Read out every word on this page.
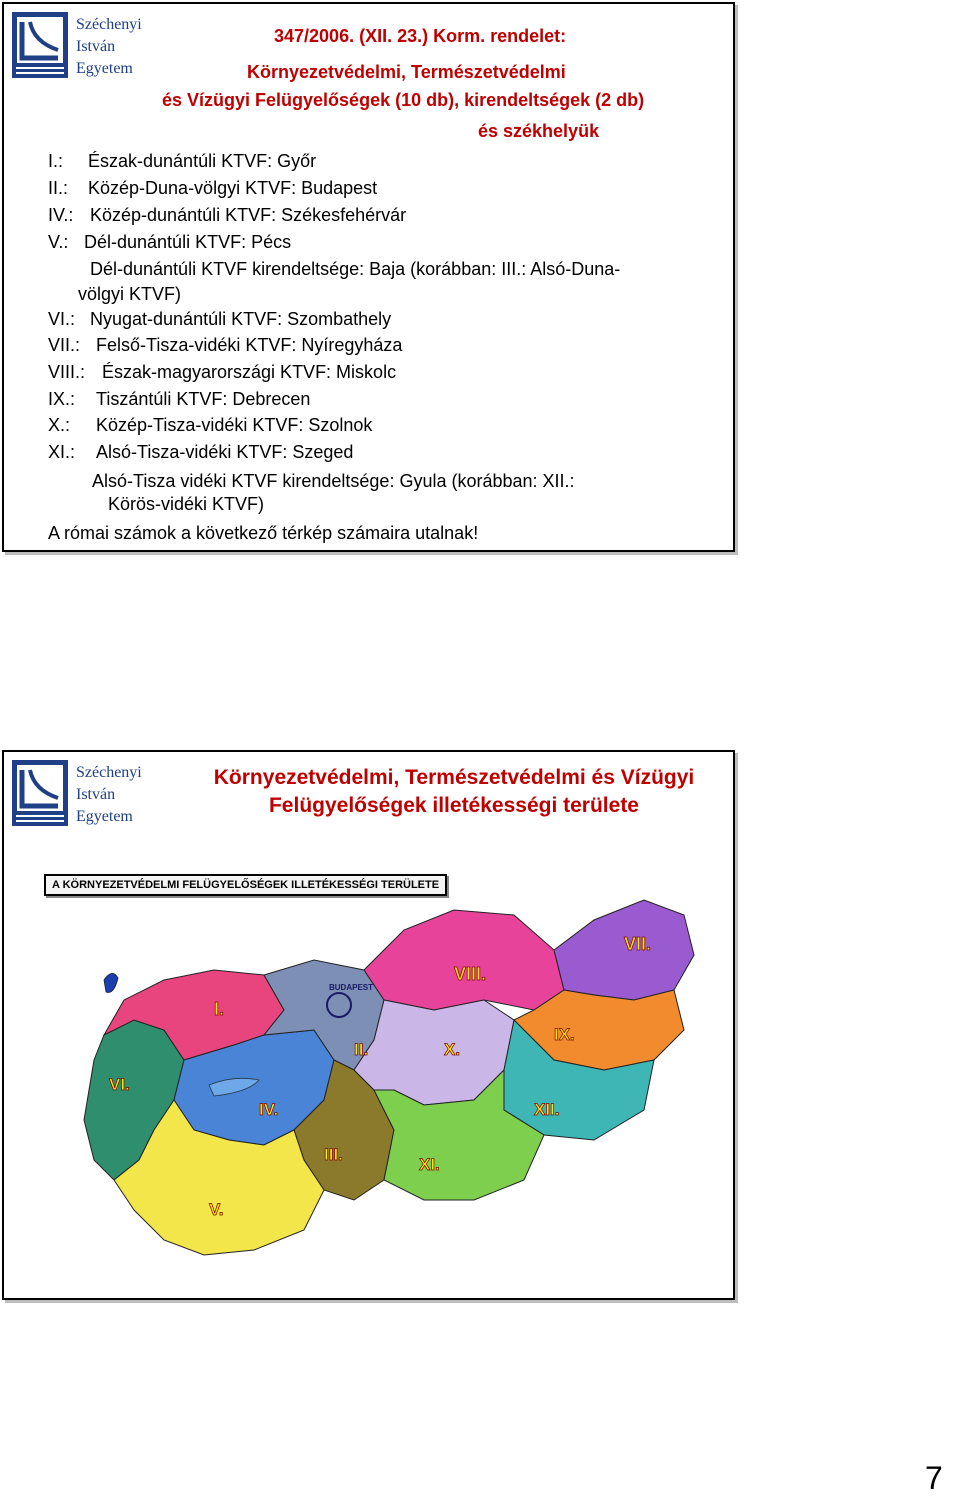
Széchenyi
István
Egyetem
347/2006. (XII. 23.) Korm. rendelet:
Környezetvédelmi, Természetvédelmi
és Vízügyi Felügyelőségek (10 db), kirendeltségek (2 db)
és székhelyük
I.: Észak-dunántúli KTVF: Győr
II.: Közép-Duna-völgyi KTVF: Budapest
IV.: Közép-dunántúli KTVF: Székesfehérvár
V.: Dél-dunántúli KTVF: Pécs
Dél-dunántúli KTVF kirendeltsége: Baja (korábban: III.: Alsó-Duna-
völgyi KTVF)
VI.: Nyugat-dunántúli KTVF: Szombathely
VII.: Felső-Tisza-vidéki KTVF: Nyíregyháza
VIII.: Észak-magyarországi KTVF: Miskolc
IX.: Tiszántúli KTVF: Debrecen
X.: Közép-Tisza-vidéki KTVF: Szolnok
XI.: Alsó-Tisza-vidéki KTVF: Szeged
Alsó-Tisza vidéki KTVF kirendeltsége: Gyula (korábban: XII.:
Körös-vidéki KTVF)
A római számok a következő térkép számaira utalnak!
Széchenyi
István
Egyetem
Környezetvédelmi, Természetvédelmi és Vízügyi Felügyelőségek illetékességi területe
I.
II.
III.
IV.
V.
VI.
VII.
VIII.
IX.
X.
XI.
XII.
BUDAPEST
A KÖRNYEZETVÉDELMI FELÜGYELŐSÉGEK ILLETÉKESSÉGI TERÜLETE
7
